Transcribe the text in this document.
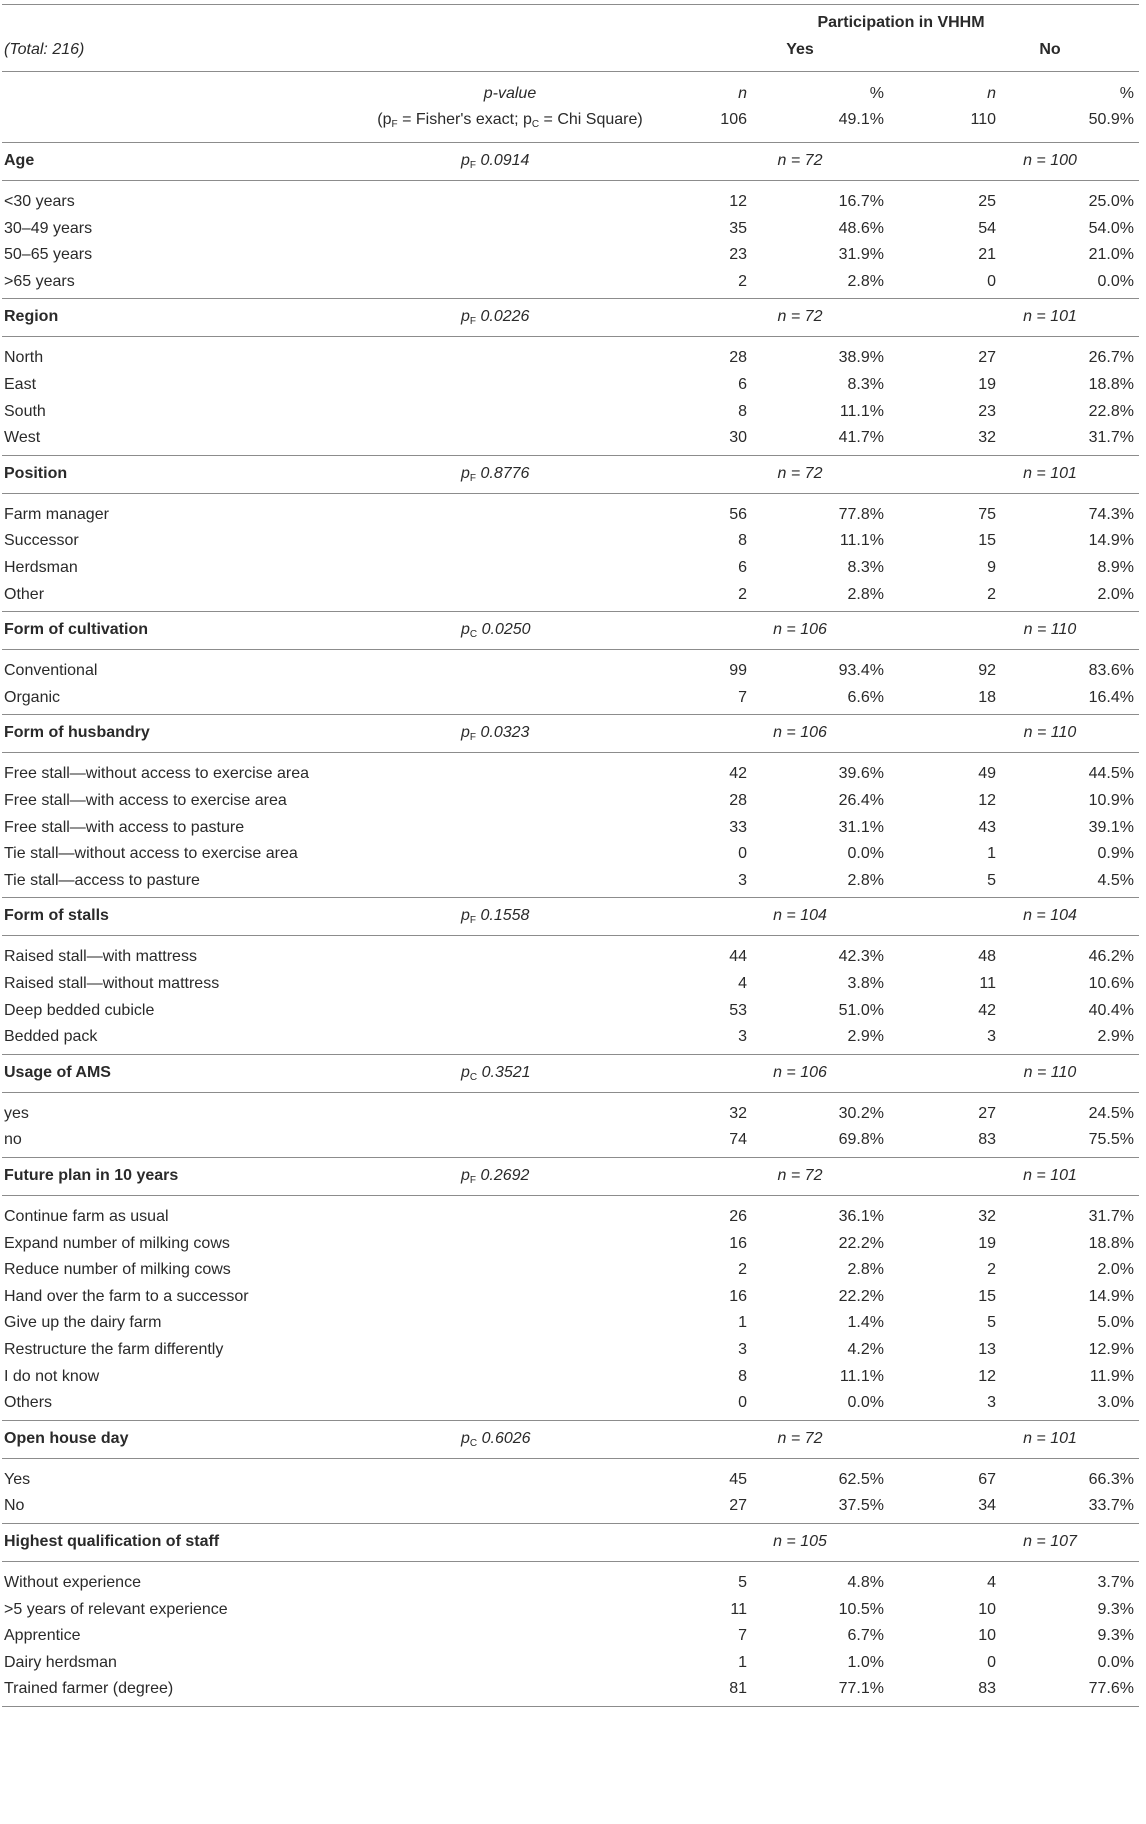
Participation in VHHM
(Total: 216)	Yes	No
p-value	n	%	n	%
($p_F$ = Fisher's exact; $p_C$ = Chi Square)	106	49.1%	110	50.9%
Age	$p_F$ 0.0914	n = 72	n = 100
<30 years	12	16.7%	25	25.0%
30–49 years	35	48.6%	54	54.0%
50–65 years	23	31.9%	21	21.0%
>65 years	2	2.8%	0	0.0%
Region	$p_F$ 0.0226	n = 72	n = 101
North	28	38.9%	27	26.7%
East	6	8.3%	19	18.8%
South	8	11.1%	23	22.8%
West	30	41.7%	32	31.7%
Position	$p_F$ 0.8776	n = 72	n = 101
Farm manager	56	77.8%	75	74.3%
Successor	8	11.1%	15	14.9%
Herdsman	6	8.3%	9	8.9%
Other	2	2.8%	2	2.0%
Form of cultivation	$p_C$ 0.0250	n = 106	n = 110
Conventional	99	93.4%	92	83.6%
Organic	7	6.6%	18	16.4%
Form of husbandry	$p_F$ 0.0323	n = 106	n = 110
Free stall—without access to exercise area	42	39.6%	49	44.5%
Free stall—with access to exercise area	28	26.4%	12	10.9%
Free stall—with access to pasture	33	31.1%	43	39.1%
Tie stall—without access to exercise area	0	0.0%	1	0.9%
Tie stall—access to pasture	3	2.8%	5	4.5%
Form of stalls	$p_F$ 0.1558	n = 104	n = 104
Raised stall—with mattress	44	42.3%	48	46.2%
Raised stall—without mattress	4	3.8%	11	10.6%
Deep bedded cubicle	53	51.0%	42	40.4%
Bedded pack	3	2.9%	3	2.9%
Usage of AMS	$p_C$ 0.3521	n = 106	n = 110
yes	32	30.2%	27	24.5%
no	74	69.8%	83	75.5%
Future plan in 10 years	$p_F$ 0.2692	n = 72	n = 101
Continue farm as usual	26	36.1%	32	31.7%
Expand number of milking cows	16	22.2%	19	18.8%
Reduce number of milking cows	2	2.8%	2	2.0%
Hand over the farm to a successor	16	22.2%	15	14.9%
Give up the dairy farm	1	1.4%	5	5.0%
Restructure the farm differently	3	4.2%	13	12.9%
I do not know	8	11.1%	12	11.9%
Others	0	0.0%	3	3.0%
Open house day	$p_C$ 0.6026	n = 72	n = 101
Yes	45	62.5%	67	66.3%
No	27	37.5%	34	33.7%
Highest qualification of staff	n = 105	n = 107
Without experience	5	4.8%	4	3.7%
>5 years of relevant experience	11	10.5%	10	9.3%
Apprentice	7	6.7%	10	9.3%
Dairy herdsman	1	1.0%	0	0.0%
Trained farmer (degree)	81	77.1%	83	77.6%
